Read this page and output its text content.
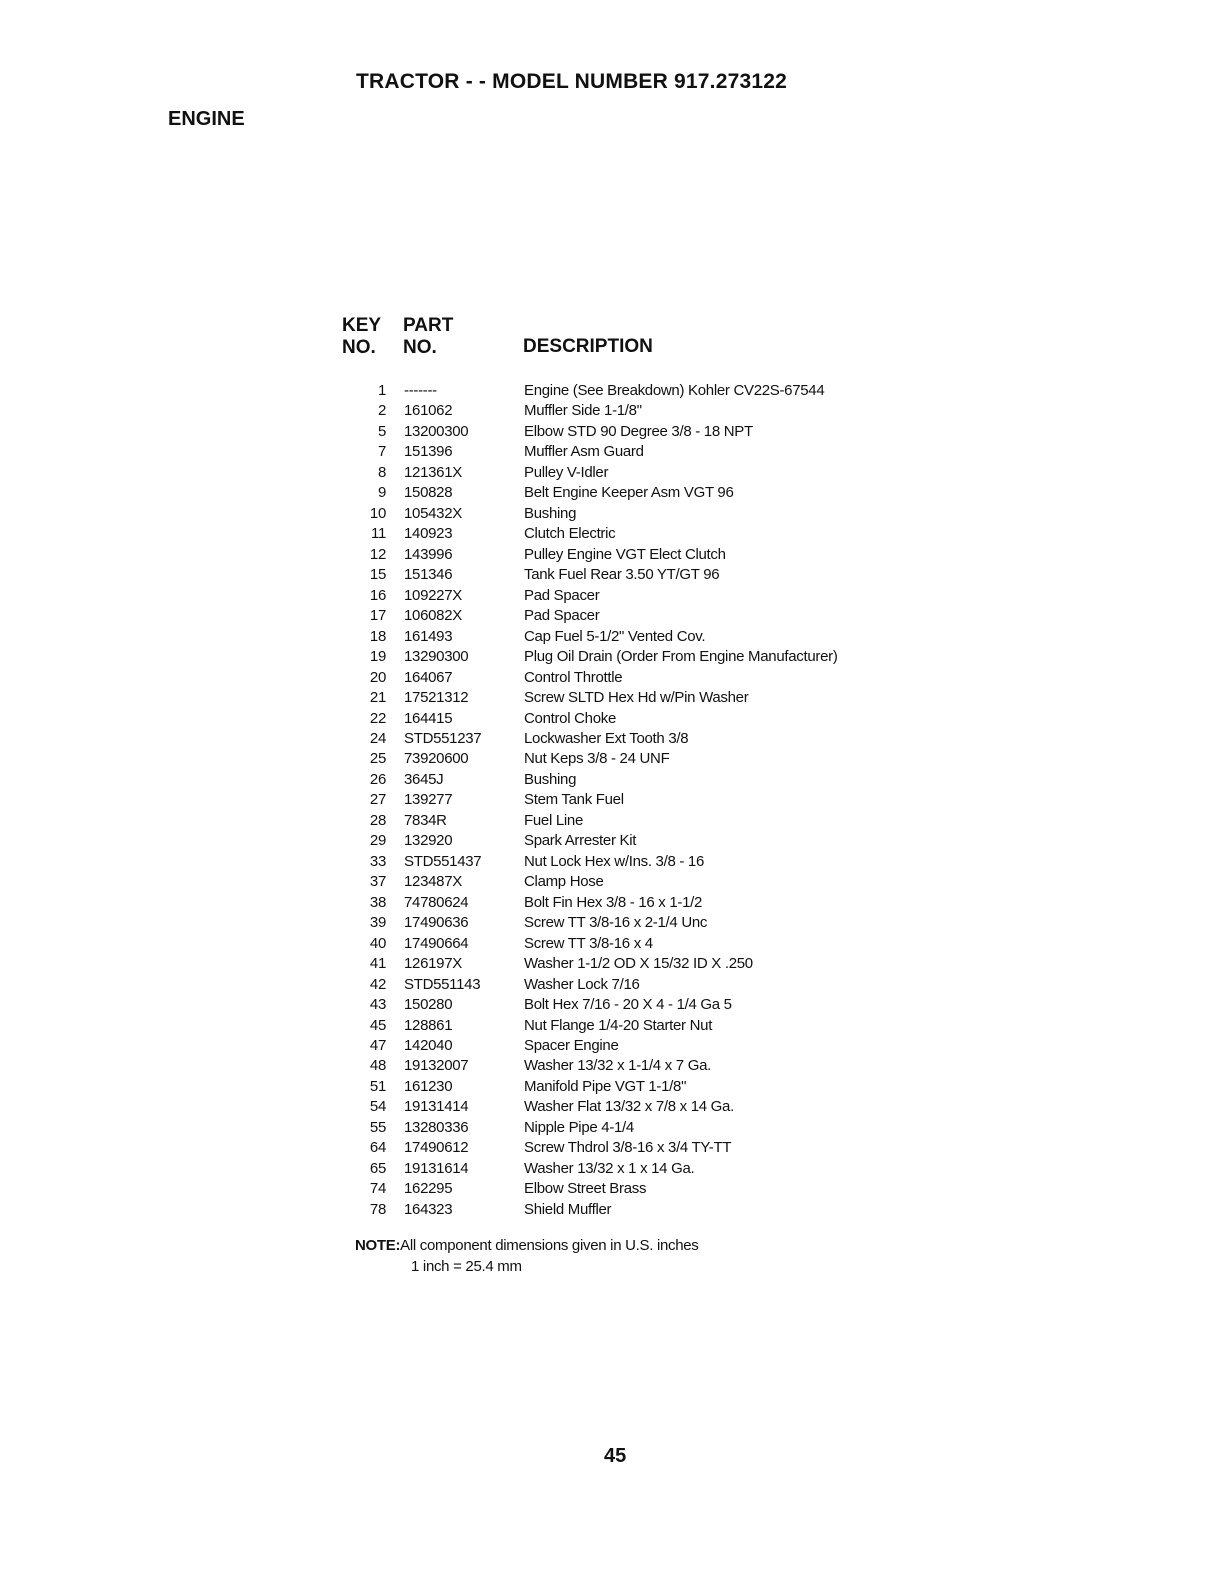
TRACTOR - - MODEL NUMBER 917.273122
ENGINE
KEY
NO.
PART
NO.	DESCRIPTION
1 -------	Engine (See Breakdown) Kohler CV22S-67544
2 161062	Muffler Side 1-1/8"
5 13200300	Elbow STD 90 Degree 3/8 - 18 NPT
7 151396	Muffler Asm Guard
8 121361X	Pulley V-Idler
9 150828	Belt Engine Keeper Asm VGT 96
10 105432X	Bushing
11 140923	Clutch Electric
12 143996	Pulley Engine VGT Elect Clutch
15 151346	Tank Fuel Rear 3.50 YT/GT 96
16 109227X	Pad Spacer
17 106082X	Pad Spacer
18 161493	Cap Fuel 5-1/2" Vented Cov.
19 13290300	Plug Oil Drain (Order From Engine Manufacturer)
20 164067	Control Throttle
21 17521312	Screw SLTD Hex Hd w/Pin Washer
22 164415	Control Choke
24 STD551237	Lockwasher Ext Tooth 3/8
25 73920600	Nut Keps 3/8 - 24 UNF
26 3645J	Bushing
27 139277	Stem Tank Fuel
28 7834R	Fuel Line
29 132920	Spark Arrester Kit
33 STD551437	Nut Lock Hex w/Ins. 3/8 - 16
37 123487X	Clamp Hose
38 74780624	Bolt Fin Hex 3/8 - 16 x 1-1/2
39 17490636	Screw TT 3/8-16 x 2-1/4 Unc
40 17490664	Screw TT 3/8-16 x 4
41 126197X	Washer 1-1/2 OD X 15/32 ID X .250
42 STD551143	Washer Lock 7/16
43 150280	Bolt Hex 7/16 - 20 X 4 - 1/4 Ga 5
45 128861	Nut Flange 1/4-20 Starter Nut
47 142040	Spacer Engine
48 19132007	Washer 13/32 x 1-1/4 x 7 Ga.
51 161230	Manifold Pipe VGT 1-1/8"
54 19131414	Washer Flat 13/32 x 7/8 x 14 Ga.
55 13280336	Nipple Pipe 4-1/4
64 17490612	Screw Thdrol 3/8-16 x 3/4 TY-TT
65 19131614	Washer 13/32 x 1 x 14 Ga.
74 162295	Elbow Street Brass
78 164323	Shield Muffler
NOTE:All component dimensions given in U.S. inches
1 inch = 25.4 mm
45
